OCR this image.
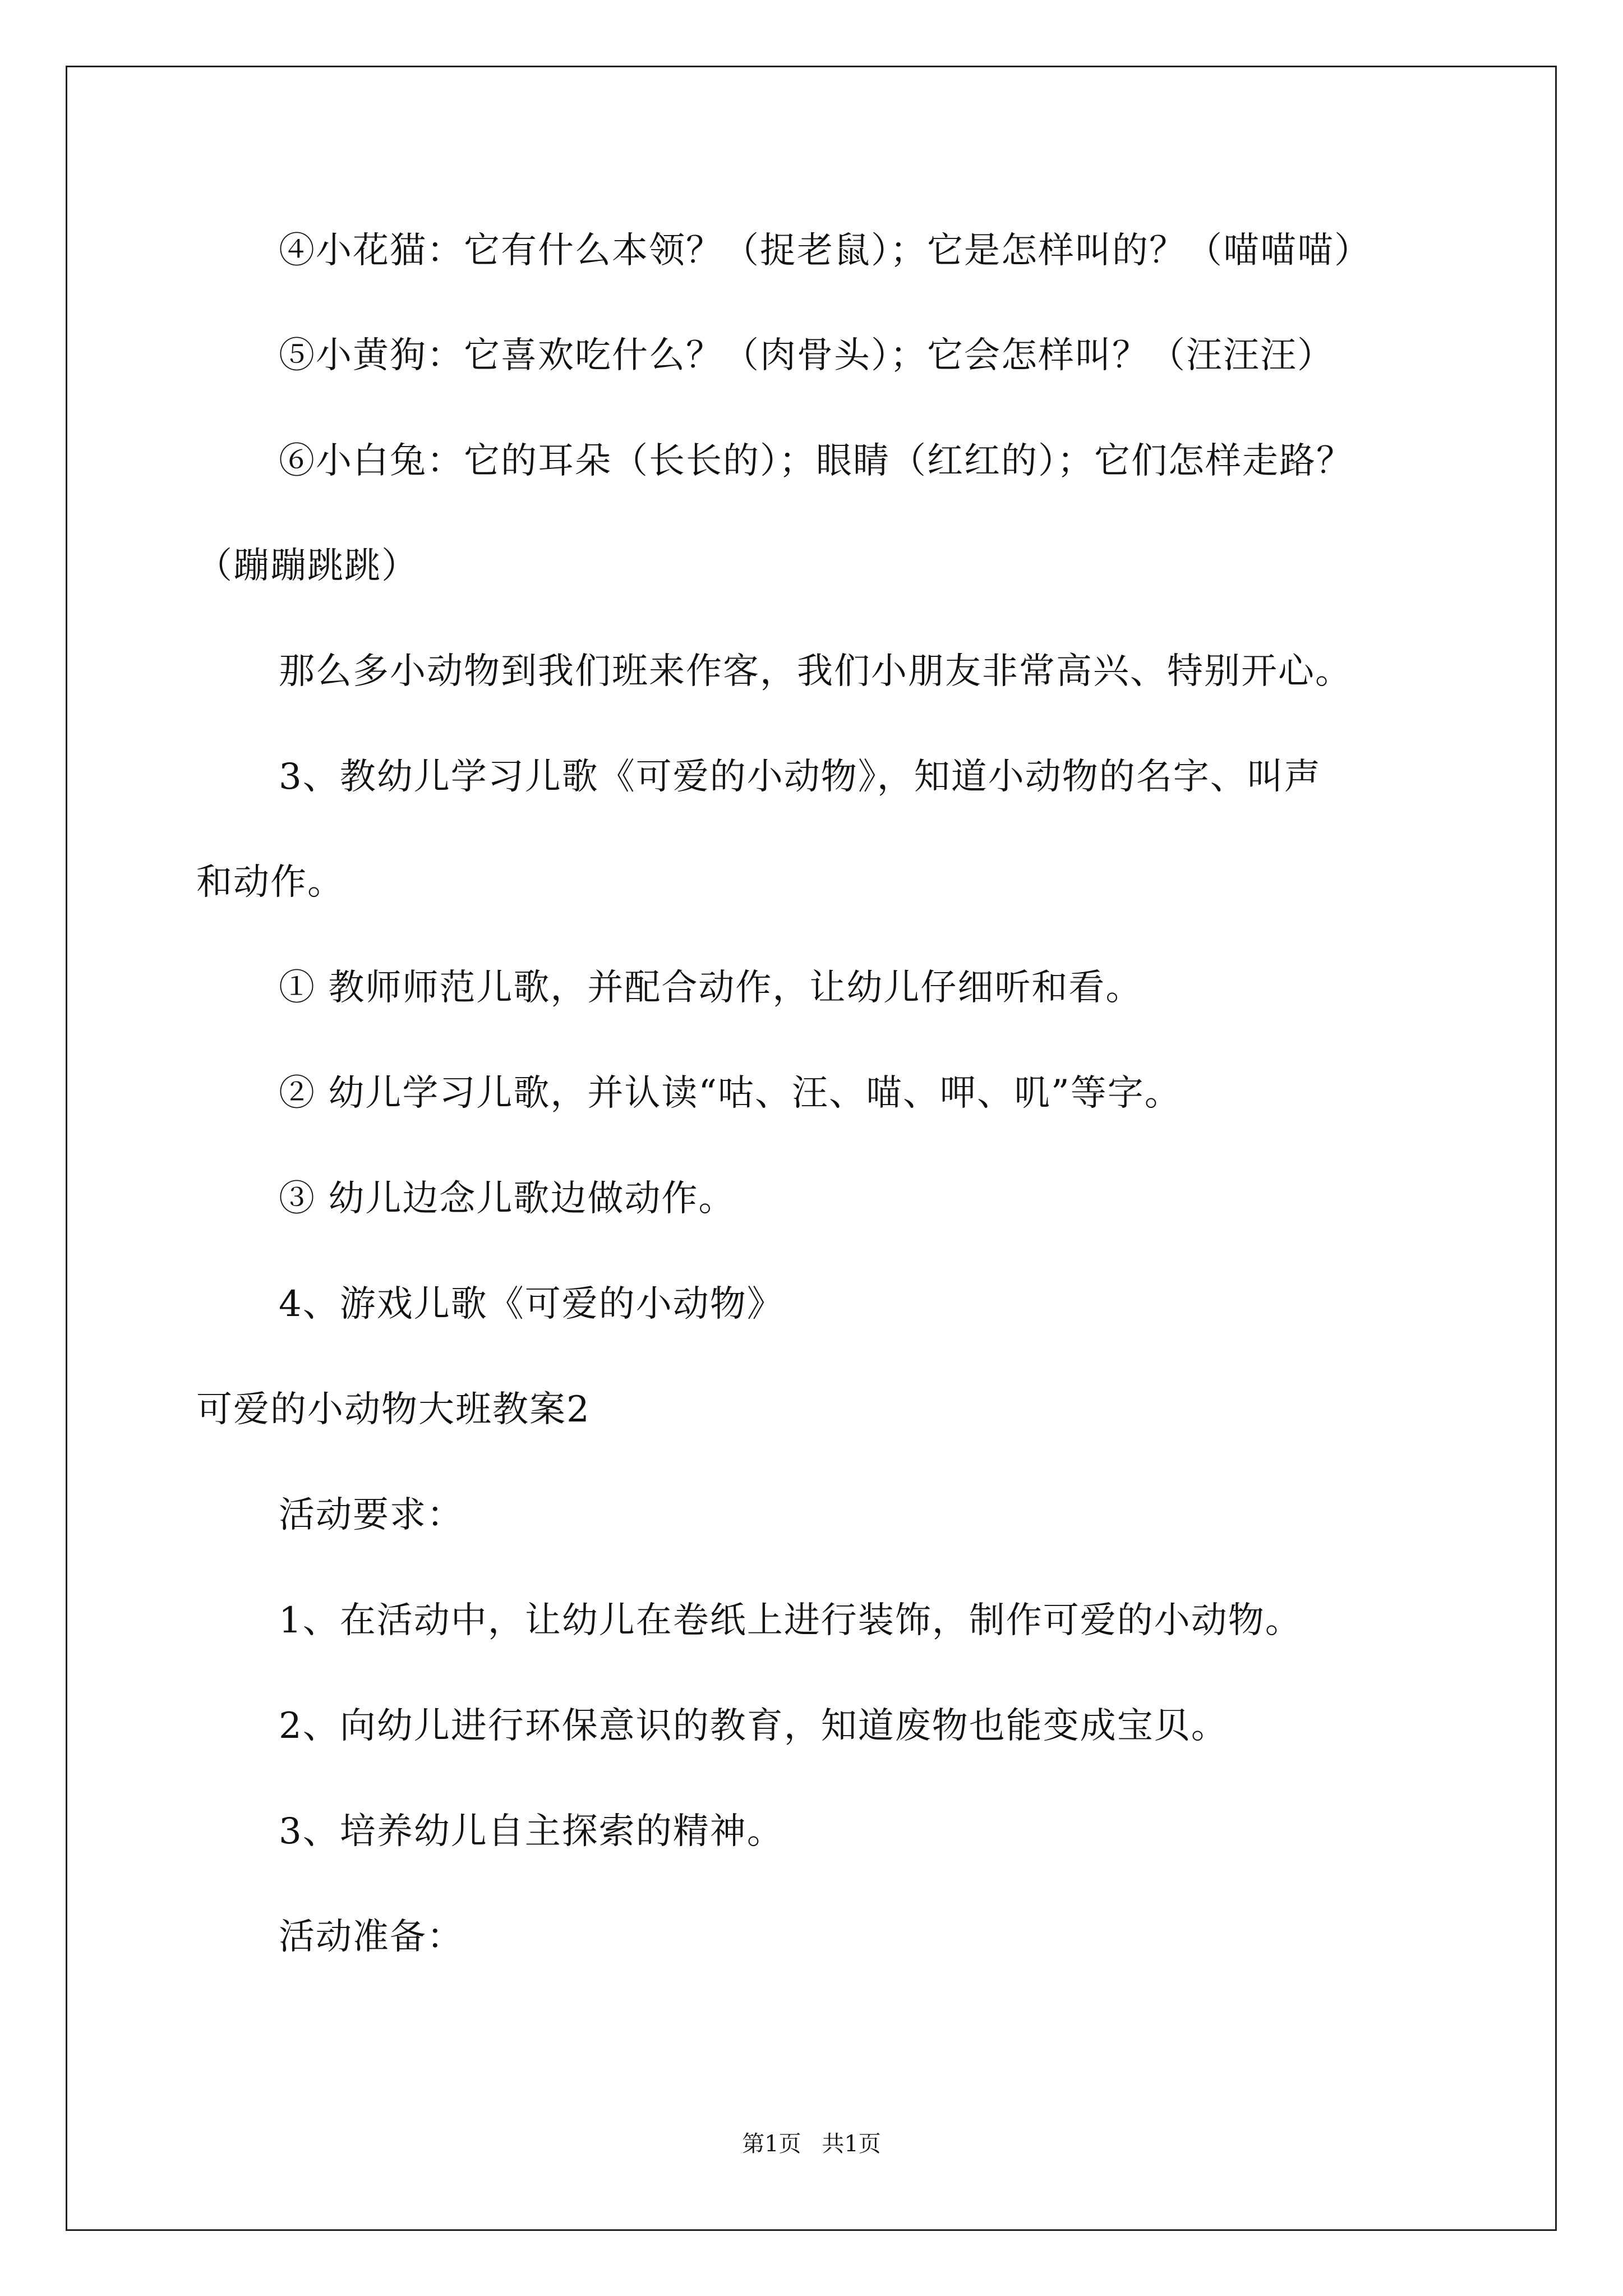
④小花猫：它有什么本领？（捉老鼠）；它是怎样叫的？（喵喵喵）
⑤小黄狗：它喜欢吃什么？（肉骨头）；它会怎样叫？（汪汪汪）
⑥小白兔：它的耳朵（长长的）；眼睛（红红的）；它们怎样走路？
（蹦蹦跳跳）
那么多小动物到我们班来作客，我们小朋友非常高兴、特别开心。
3、教幼儿学习儿歌《可爱的小动物》，知道小动物的名字、叫声
和动作。
① 教师师范儿歌，并配合动作，让幼儿仔细听和看。
② 幼儿学习儿歌，并认读“咕、汪、喵、呷、叽”等字。
③ 幼儿边念儿歌边做动作。
4、游戏儿歌《可爱的小动物》
可爱的小动物大班教案2
活动要求：
1、在活动中，让幼儿在卷纸上进行装饰，制作可爱的小动物。
2、向幼儿进行环保意识的教育，知道废物也能变成宝贝。
3、培养幼儿自主探索的精神。
活动准备：
第1页 共1页
